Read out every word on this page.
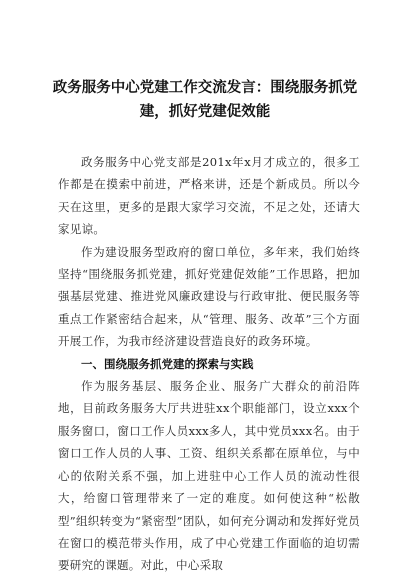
政务服务中心党建工作交流发言：围绕服务抓党建，抓好党建促效能

政务服务中心党支部是201x年x月才成立的，很多工作都是在摸索中前进，严格来讲，还是个新成员。所以今天在这里，更多的是跟大家学习交流，不足之处，还请大家见谅。

作为建设服务型政府的窗口单位，多年来，我们始终坚持“围绕服务抓党建，抓好党建促效能”工作思路，把加强基层党建、推进党风廉政建设与行政审批、便民服务等重点工作紧密结合起来，从“管理、服务、改革”三个方面开展工作，为我市经济建设营造良好的政务环境。

一、围绕服务抓党建的探索与实践

作为服务基层、服务企业、服务广大群众的前沿阵地，目前政务服务大厅共进驻xx个职能部门，设立xxx个服务窗口，窗口工作人员xxx多人，其中党员xxx名。由于窗口工作人员的人事、工资、组织关系都在原单位，与中心的依附关系不强，加上进驻中心工作人员的流动性很大，给窗口管理带来了一定的难度。如何使这种“松散型”组织转变为“紧密型”团队，如何充分调动和发挥好党员在窗口的模范带头作用，成了中心党建工作面临的迫切需要研究的课题。对此，中心采取
